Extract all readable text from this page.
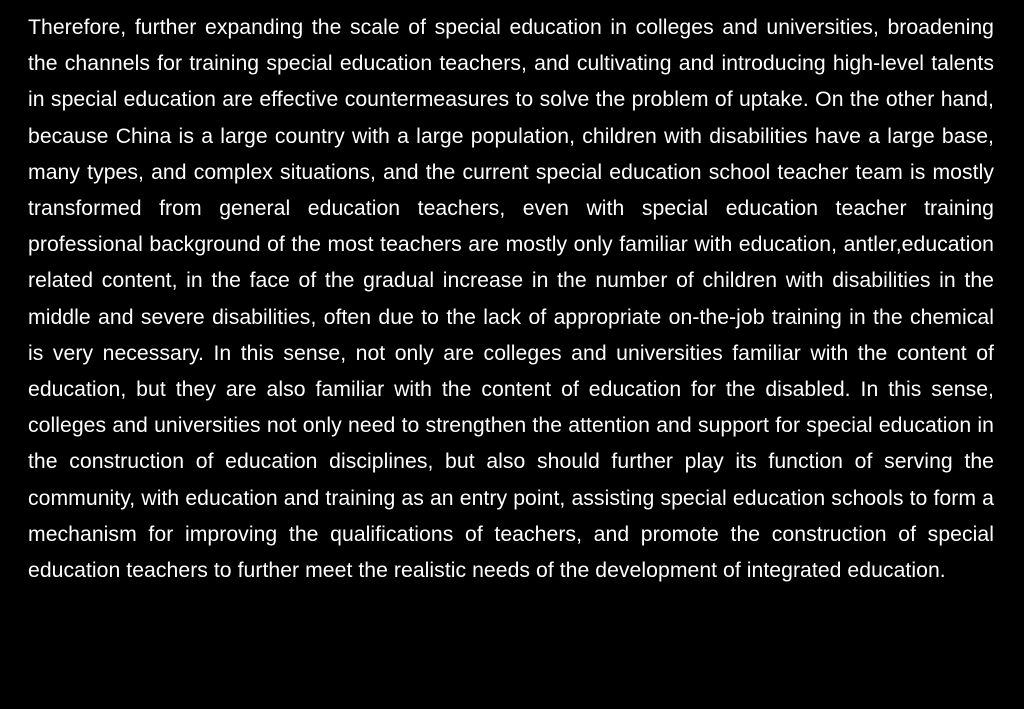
Therefore, further expanding the scale of special education in colleges and universities, broadening the channels for training special education teachers, and cultivating and introducing high-level talents in special education are effective countermeasures to solve the problem of uptake. On the other hand, because China is a large country with a large population, children with disabilities have a large base, many types, and complex situations, and the current special education school teacher team is mostly transformed from general education teachers, even with special education teacher training professional background of the most teachers are mostly only familiar with education, antler,education related content, in the face of the gradual increase in the number of children with disabilities in the middle and severe disabilities, often due to the lack of appropriate on-the-job training in the chemical is very necessary. In this sense, not only are colleges and universities familiar with the content of education, but they are also familiar with the content of education for the disabled. In this sense, colleges and universities not only need to strengthen the attention and support for special education in the construction of education disciplines, but also should further play its function of serving the community, with education and training as an entry point, assisting special education schools to form a mechanism for improving the qualifications of teachers, and promote the construction of special education teachers to further meet the realistic needs of the development of integrated education.
